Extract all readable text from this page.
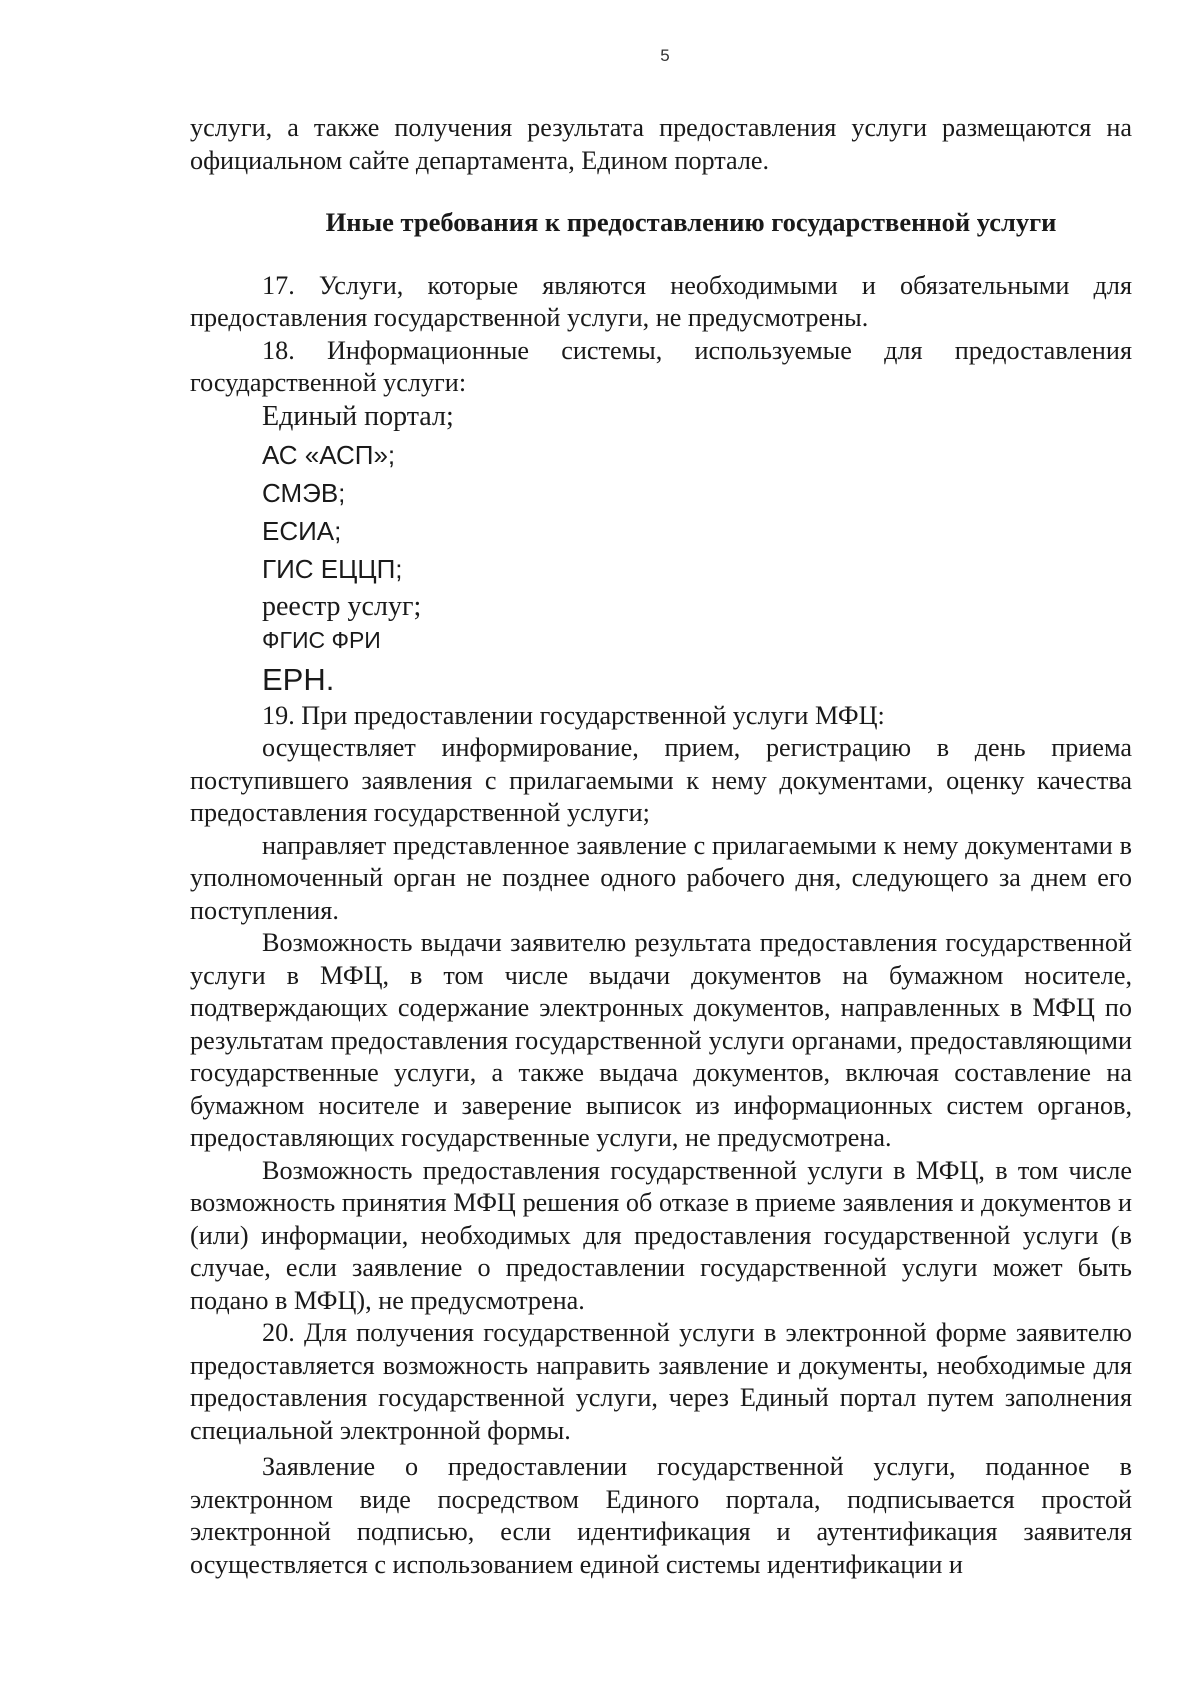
5

услуги, а также получения результата предоставления услуги размещаются на официальном сайте департамента, Едином портале.

Иные требования к предоставлению государственной услуги

17. Услуги, которые являются необходимыми и обязательными для предоставления государственной услуги, не предусмотрены.

18. Информационные системы, используемые для предоставления государственной услуги:

Единый портал;

АС «АСП»;

СМЭВ;

ЕСИА;

ГИС ЕЦЦП;

реестр услуг;

ФГИС ФРИ

ЕРН.

19. При предоставлении государственной услуги МФЦ:

осуществляет информирование, прием, регистрацию в день приема поступившего заявления с прилагаемыми к нему документами, оценку качества предоставления государственной услуги;

направляет представленное заявление с прилагаемыми к нему документами в уполномоченный орган не позднее одного рабочего дня, следующего за днем его поступления.

Возможность выдачи заявителю результата предоставления государственной услуги в МФЦ, в том числе выдачи документов на бумажном носителе, подтверждающих содержание электронных документов, направленных в МФЦ по результатам предоставления государственной услуги органами, предоставляющими государственные услуги, а также выдача документов, включая составление на бумажном носителе и заверение выписок из информационных систем органов, предоставляющих государственные услуги, не предусмотрена.

Возможность предоставления государственной услуги в МФЦ, в том числе возможность принятия МФЦ решения об отказе в приеме заявления и документов и (или) информации, необходимых для предоставления государственной услуги (в случае, если заявление о предоставлении государственной услуги может быть подано в МФЦ), не предусмотрена.

20. Для получения государственной услуги в электронной форме заявителю предоставляется возможность направить заявление и документы, необходимые для предоставления государственной услуги, через Единый портал путем заполнения специальной электронной формы.

Заявление о предоставлении государственной услуги, поданное в электронном виде посредством Единого портала, подписывается простой электронной подписью, если идентификация и аутентификация заявителя осуществляется с использованием единой системы идентификации и
